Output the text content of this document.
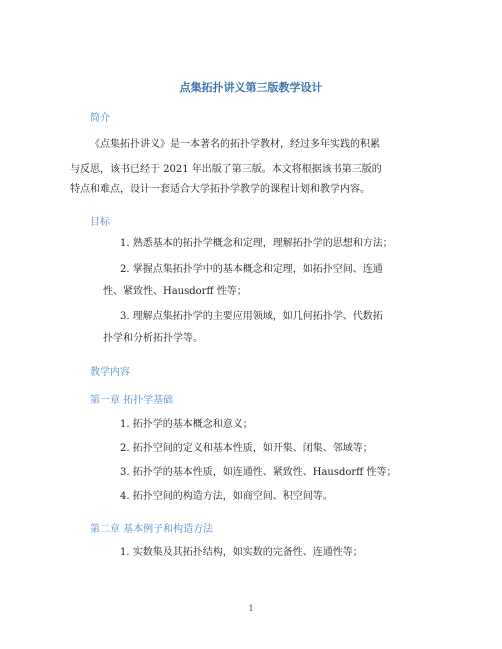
点集拓扑讲义第三版教学设计
简介
《点集拓扑讲义》是一本著名的拓扑学教材，经过多年实践的积累
与反思，该书已经于 2021 年出版了第三版。本文将根据该书第三版的
特点和难点，设计一套适合大学拓扑学教学的课程计划和教学内容。
目标
1. 熟悉基本的拓扑学概念和定理，理解拓扑学的思想和方法；
2. 掌握点集拓扑学中的基本概念和定理，如拓扑空间、连通
性、紧致性、Hausdorff 性等；
3. 理解点集拓扑学的主要应用领域，如几何拓扑学、代数拓
扑学和分析拓扑学等。
教学内容
第一章 拓扑学基础
1. 拓扑学的基本概念和意义；
2. 拓扑空间的定义和基本性质，如开集、闭集、邻域等；
3. 拓扑学的基本性质，如连通性、紧致性、Hausdorff 性等；
4. 拓扑空间的构造方法，如商空间、积空间等。
第二章 基本例子和构造方法
1. 实数集及其拓扑结构，如实数的完备性、连通性等；
1
